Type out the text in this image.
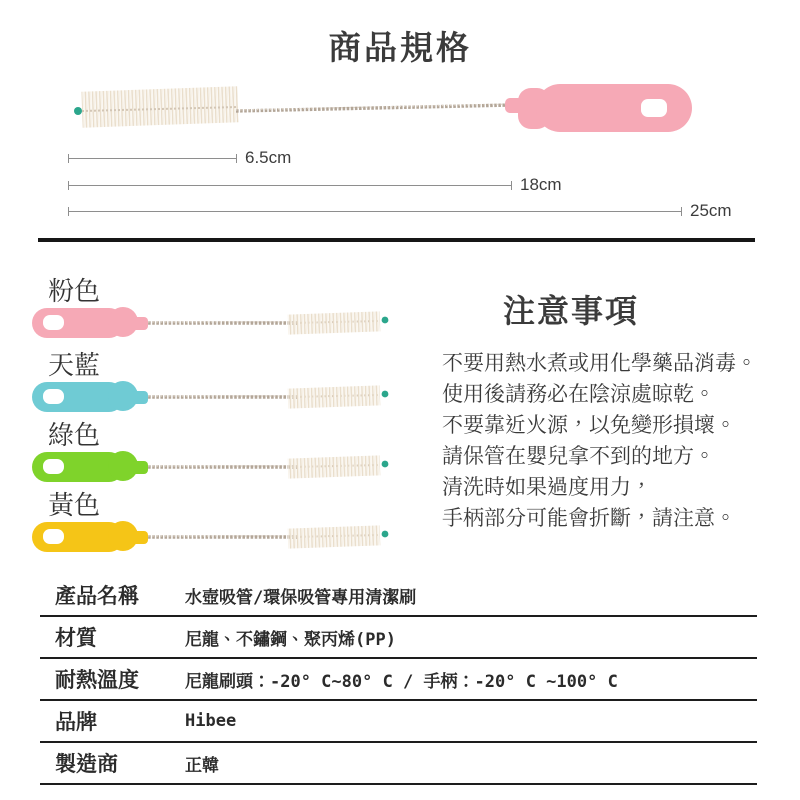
商品規格
6.5cm
18cm
25cm
粉色
天藍
綠色
黃色
注意事項
不要用熱水煮或用化學藥品消毒。
使用後請務必在陰涼處晾乾。
不要靠近火源，以免變形損壞。
請保管在嬰兒拿不到的地方。
清洗時如果過度用力，
手柄部分可能會折斷，請注意。
產品名稱	水壺吸管/環保吸管專用清潔刷
材質	尼龍、不鏽鋼、聚丙烯(PP)
耐熱溫度	尼龍刷頭：-20° C~80° C / 手柄：-20° C ~100° C
品牌	Hibee
製造商	正韓
